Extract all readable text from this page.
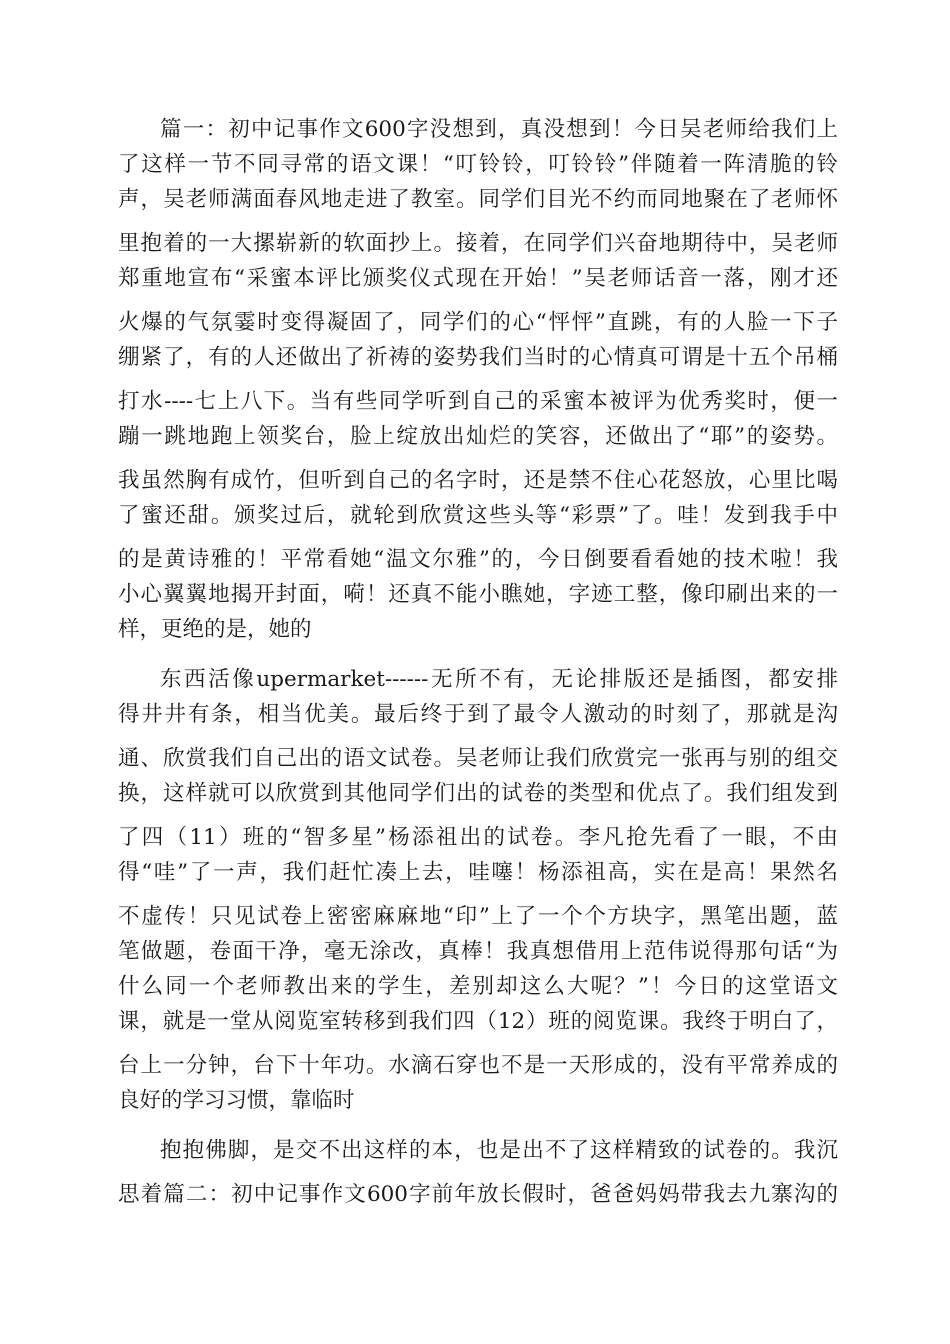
篇一：初中记事作文600字没想到，真没想到！今日吴老师给我们上
了这样一节不同寻常的语文课！“叮铃铃，叮铃铃”伴随着一阵清脆的铃
声，吴老师满面春风地走进了教室。同学们目光不约而同地聚在了老师怀
里抱着的一大摞崭新的软面抄上。接着，在同学们兴奋地期待中，吴老师
郑重地宣布“采蜜本评比颁奖仪式现在开始！”吴老师话音一落，刚才还
火爆的气氛霎时变得凝固了，同学们的心“怦怦”直跳，有的人脸一下子
绷紧了，有的人还做出了祈祷的姿势我们当时的心情真可谓是十五个吊桶
打水----七上八下。当有些同学听到自己的采蜜本被评为优秀奖时，便一
蹦一跳地跑上领奖台，脸上绽放出灿烂的笑容，还做出了“耶”的姿势。
我虽然胸有成竹，但听到自己的名字时，还是禁不住心花怒放，心里比喝
了蜜还甜。颁奖过后，就轮到欣赏这些头等“彩票”了。哇！发到我手中
的是黄诗雅的！平常看她“温文尔雅”的，今日倒要看看她的技术啦！我
小心翼翼地揭开封面，嗬！还真不能小瞧她，字迹工整，像印刷出来的一
样，更绝的是，她的
东西活像upermarket------无所不有，无论排版还是插图，都安排
得井井有条，相当优美。最后终于到了最令人激动的时刻了，那就是沟
通、欣赏我们自己出的语文试卷。吴老师让我们欣赏完一张再与别的组交
换，这样就可以欣赏到其他同学们出的试卷的类型和优点了。我们组发到
了四（11）班的“智多星”杨添祖出的试卷。李凡抢先看了一眼，不由
得“哇”了一声，我们赶忙凑上去，哇噻！杨添祖高，实在是高！果然名
不虚传！只见试卷上密密麻麻地“印”上了一个个方块字，黑笔出题，蓝
笔做题，卷面干净，毫无涂改，真棒！我真想借用上范伟说得那句话“为
什么同一个老师教出来的学生，差别却这么大呢？”！今日的这堂语文
课，就是一堂从阅览室转移到我们四（12）班的阅览课。我终于明白了，
台上一分钟，台下十年功。水滴石穿也不是一天形成的，没有平常养成的
良好的学习习惯，靠临时
抱抱佛脚，是交不出这样的本，也是出不了这样精致的试卷的。我沉
思着篇二：初中记事作文600字前年放长假时，爸爸妈妈带我去九寨沟的
